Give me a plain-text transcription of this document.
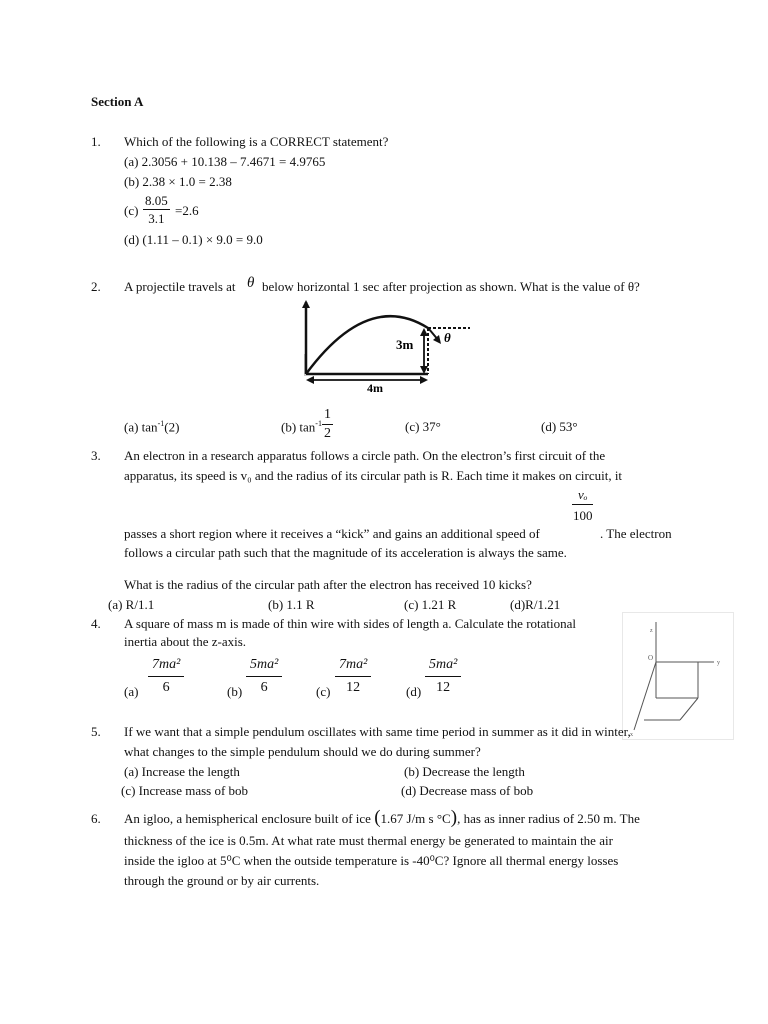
Section A
1. Which of the following is a CORRECT statement?
(a) 2.3056 + 10.138 – 7.4671 = 4.9765
(b) 2.38 × 1.0 = 2.38
$(c) \frac{8.05}{3.1} =2.6$
(d) (1.11 – 0.1) × 9.0 = 9.0
2. A projectile travels at θ below horizontal 1 sec after projection as shown. What is the value of θ?
3m θ
4m
(a) $\tan^{-1}(2)$	(b) $\tan^{-1} \frac{1}{2}$	(c) 37°	(d) 53°
3. An electron in a research apparatus follows a circle path. On the electron’s first circuit of the
apparatus, its speed is v₀ and the radius of its circular path is R. Each time it makes on circuit, it
$\frac{\text{vₒ}}{100}$
passes a short region where it receives a “kick” and gains an additional speed of	. The electron
follows a circular path such that the magnitude of its acceleration is always the same.
What is the radius of the circular path after the electron has received 10 kicks?
(a) R/1.1	(b) 1.1 R	(c) 1.21 R	(d)R/1.21
4. A square of mass m is made of thin wire with sides of length a. Calculate the rotational
inertia about the z-axis.
$(a) \frac{\text{7ma²}}{6}$	$(b) \frac{\text{5ma²}}{6}$	$(c) \frac{\text{7ma²}}{12}$	$(d) \frac{\text{5ma²}}{12}$
z
y
x
O
5. If we want that a simple pendulum oscillates with same time period in summer as it did in winter,
what changes to the simple pendulum should we do during summer?
(a) Increase the length	(b) Decrease the length
(c) Increase mass of bob	(d) Decrease mass of bob
6. An igloo, a hemispherical enclosure built of ice (1.67 J/m s °C), has as inner radius of 2.50 m. The
thickness of the ice is 0.5m. At what rate must thermal energy be generated to maintain the air
inside the igloo at 5⁰C when the outside temperature is -40⁰C? Ignore all thermal energy losses
through the ground or by air currents.
